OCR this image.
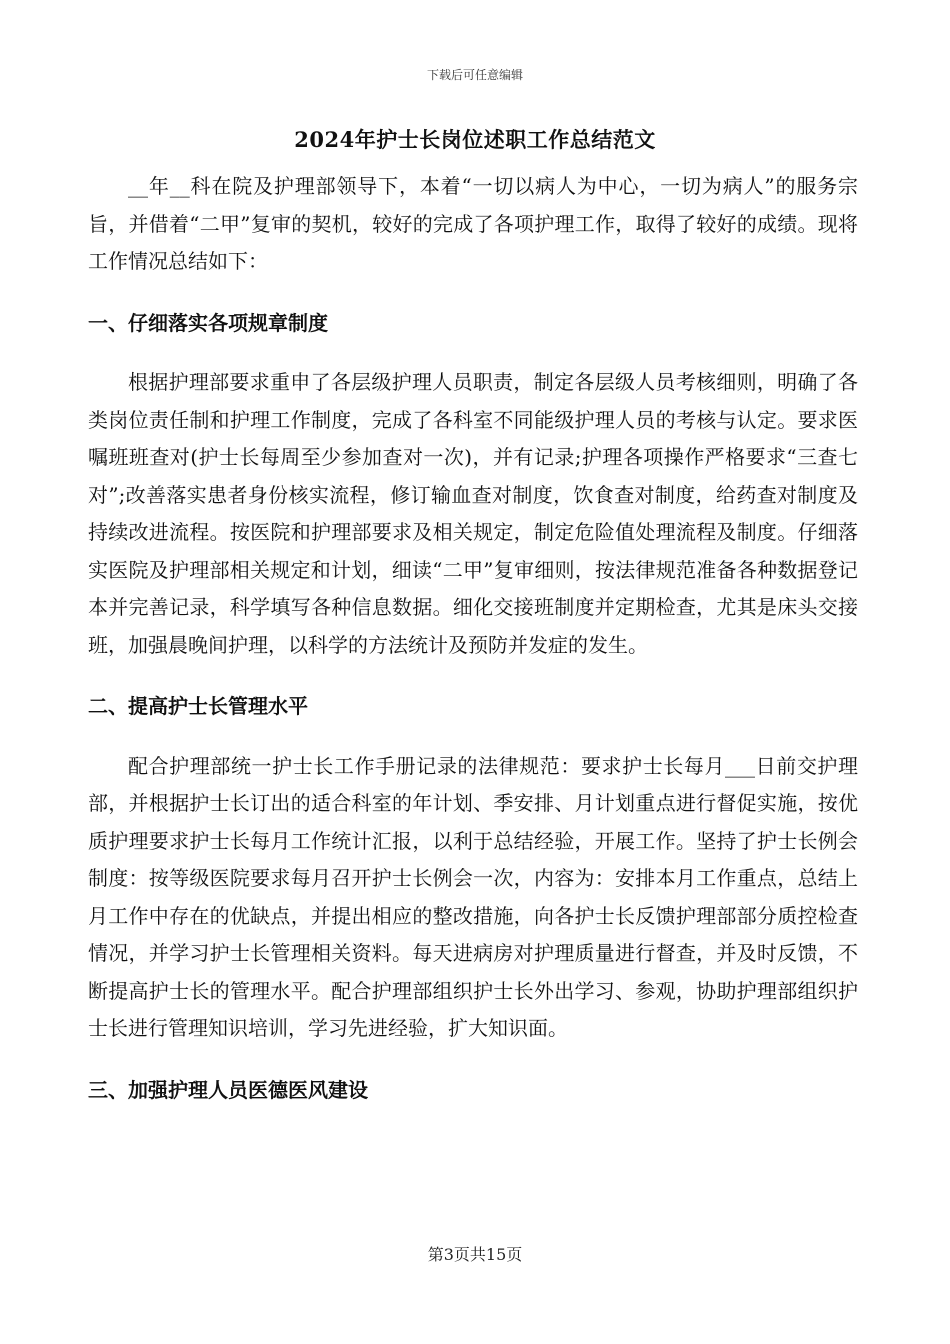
下载后可任意编辑
2024年护士长岗位述职工作总结范文

__年__科在院及护理部领导下，本着“一切以病人为中心，一切为病人”的服务宗旨，并借着“二甲”复审的契机，较好的完成了各项护理工作，取得了较好的成绩。现将工作情况总结如下：

一、仔细落实各项规章制度

根据护理部要求重申了各层级护理人员职责，制定各层级人员考核细则，明确了各类岗位责任制和护理工作制度，完成了各科室不同能级护理人员的考核与认定。要求医嘱班班查对(护士长每周至少参加查对一次)，并有记录;护理各项操作严格要求“三查七对”;改善落实患者身份核实流程，修订输血查对制度，饮食查对制度，给药查对制度及持续改进流程。按医院和护理部要求及相关规定，制定危险值处理流程及制度。仔细落实医院及护理部相关规定和计划，细读“二甲”复审细则，按法律规范准备各种数据登记本并完善记录，科学填写各种信息数据。细化交接班制度并定期检查，尤其是床头交接班，加强晨晚间护理，以科学的方法统计及预防并发症的发生。

二、提高护士长管理水平

配合护理部统一护士长工作手册记录的法律规范：要求护士长每月___日前交护理部，并根据护士长订出的适合科室的年计划、季安排、月计划重点进行督促实施，按优质护理要求护士长每月工作统计汇报，以利于总结经验，开展工作。坚持了护士长例会制度：按等级医院要求每月召开护士长例会一次，内容为：安排本月工作重点，总结上月工作中存在的优缺点，并提出相应的整改措施，向各护士长反馈护理部部分质控检查情况，并学习护士长管理相关资料。每天进病房对护理质量进行督查，并及时反馈，不断提高护士长的管理水平。配合护理部组织护士长外出学习、参观，协助护理部组织护士长进行管理知识培训，学习先进经验，扩大知识面。

三、加强护理人员医德医风建设
第3页共15页
